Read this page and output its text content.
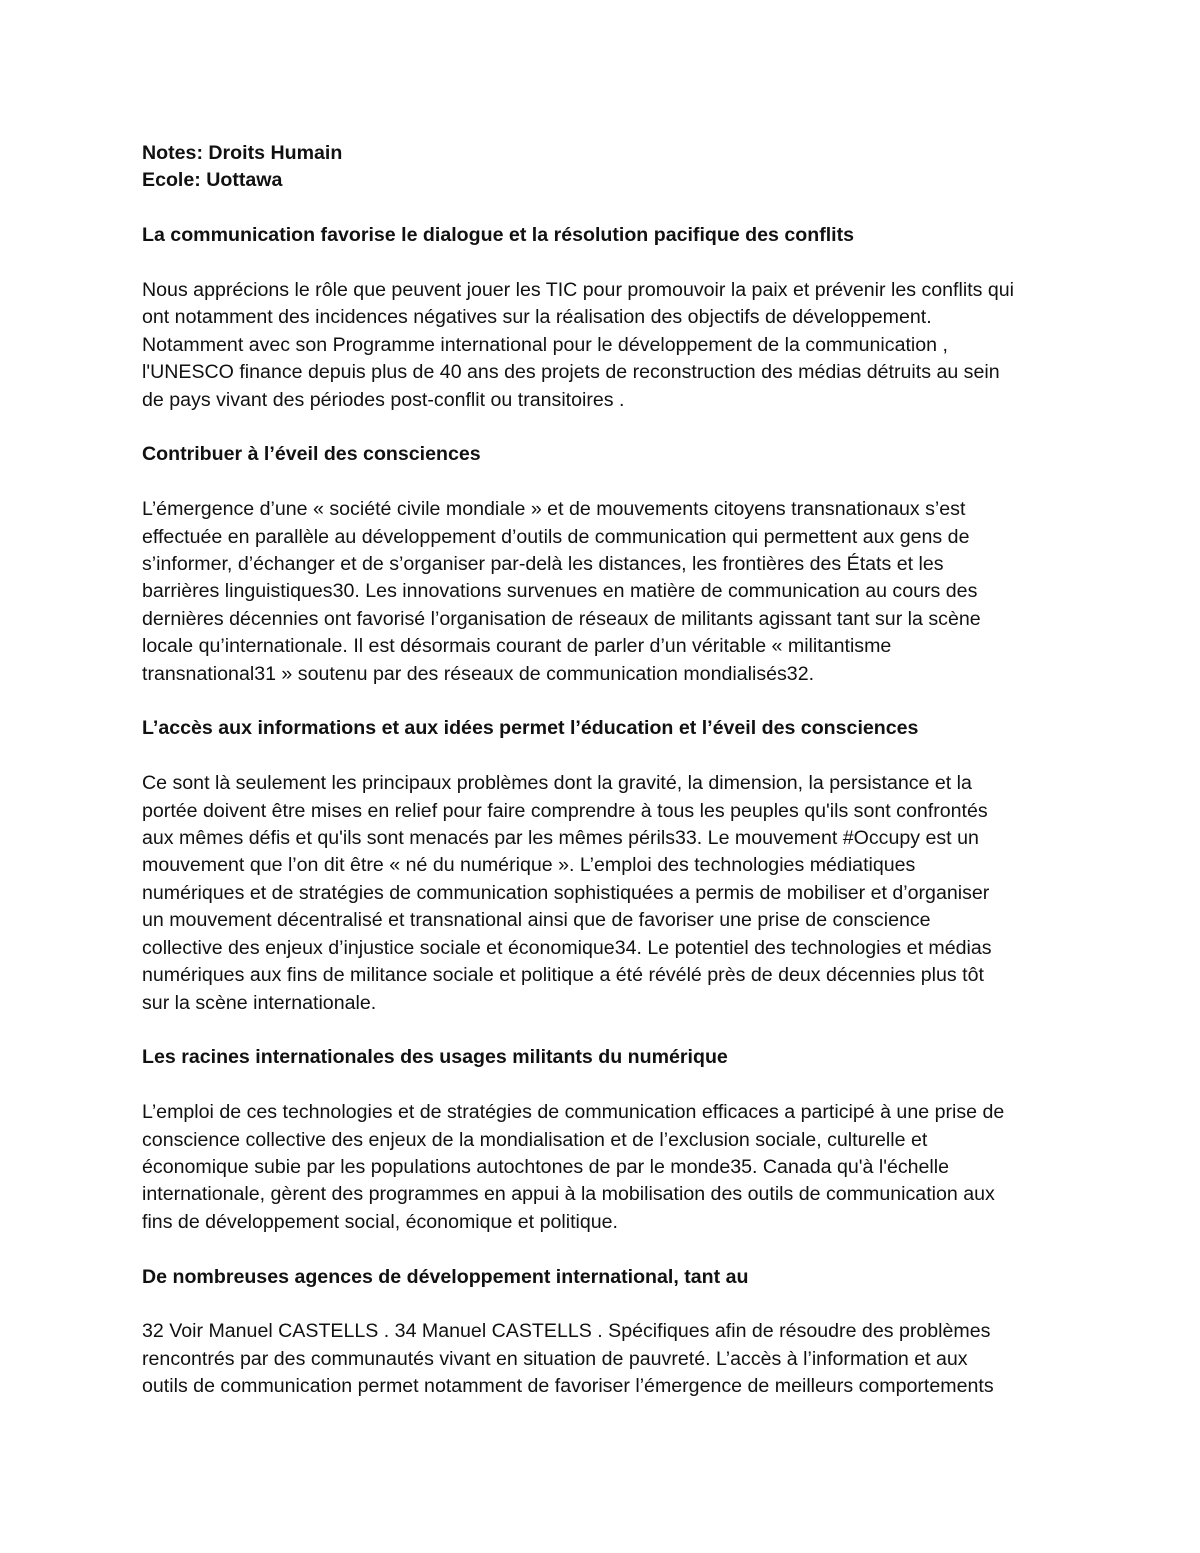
Notes: Droits Humain
Ecole: Uottawa
La communication favorise le dialogue et la résolution pacifique des conflits
Nous apprécions le rôle que peuvent jouer les TIC pour promouvoir la paix et prévenir les conflits qui
ont notamment des incidences négatives sur la réalisation des objectifs de développement.
Notamment avec son Programme international pour le développement de la communication ,
l'UNESCO finance depuis plus de 40 ans des projets de reconstruction des médias détruits au sein
de pays vivant des périodes post-conflit ou transitoires .
Contribuer à l’éveil des consciences
L’émergence d’une « société civile mondiale » et de mouvements citoyens transnationaux s’est
effectuée en parallèle au développement d’outils de communication qui permettent aux gens de
s’informer, d’échanger et de s’organiser par-delà les distances, les frontières des États et les
barrières linguistiques30. Les innovations survenues en matière de communication au cours des
dernières décennies ont favorisé l’organisation de réseaux de militants agissant tant sur la scène
locale qu’internationale. Il est désormais courant de parler d’un véritable « militantisme
transnational31 » soutenu par des réseaux de communication mondialisés32.
L’accès aux informations et aux idées permet l’éducation et l’éveil des consciences
Ce sont là seulement les principaux problèmes dont la gravité, la dimension, la persistance et la
portée doivent être mises en relief pour faire comprendre à tous les peuples qu'ils sont confrontés
aux mêmes défis et qu'ils sont menacés par les mêmes périls33. Le mouvement #Occupy est un
mouvement que l’on dit être « né du numérique ». L’emploi des technologies médiatiques
numériques et de stratégies de communication sophistiquées a permis de mobiliser et d’organiser
un mouvement décentralisé et transnational ainsi que de favoriser une prise de conscience
collective des enjeux d’injustice sociale et économique34. Le potentiel des technologies et médias
numériques aux fins de militance sociale et politique a été révélé près de deux décennies plus tôt
sur la scène internationale.
Les racines internationales des usages militants du numérique
L’emploi de ces technologies et de stratégies de communication efficaces a participé à une prise de
conscience collective des enjeux de la mondialisation et de l’exclusion sociale, culturelle et
économique subie par les populations autochtones de par le monde35. Canada qu'à l'échelle
internationale, gèrent des programmes en appui à la mobilisation des outils de communication aux
fins de développement social, économique et politique.
De nombreuses agences de développement international, tant au
32 Voir Manuel CASTELLS . 34 Manuel CASTELLS . Spécifiques afin de résoudre des problèmes
rencontrés par des communautés vivant en situation de pauvreté. L’accès à l’information et aux
outils de communication permet notamment de favoriser l’émergence de meilleurs comportements
